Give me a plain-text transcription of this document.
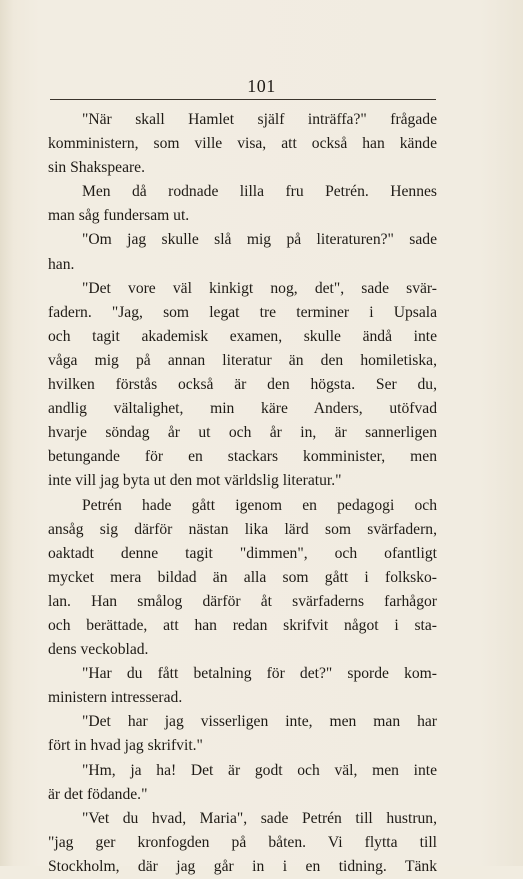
101
"När skall Hamlet själf inträffa?" frågade
komministern, som ville visa, att också han kände
sin Shakspeare.
Men då rodnade lilla fru Petrén. Hennes
man såg fundersam ut.
"Om jag skulle slå mig på literaturen?" sade
han.
"Det vore väl kinkigt nog, det", sade svär-
fadern. "Jag, som legat tre terminer i Upsala
och tagit akademisk examen, skulle ändå inte
våga mig på annan literatur än den homiletiska,
hvilken förstås också är den högsta. Ser du,
andlig vältalighet, min käre Anders, utöfvad
hvarje söndag år ut och år in, är sannerligen
betungande för en stackars komminister, men
inte vill jag byta ut den mot världslig literatur."
Petrén hade gått igenom en pedagogi och
ansåg sig därför nästan lika lärd som svärfadern,
oaktadt denne tagit "dimmen", och ofantligt
mycket mera bildad än alla som gått i folksko-
lan. Han smålog därför åt svärfaderns farhågor
och berättade, att han redan skrifvit något i sta-
dens veckoblad.
"Har du fått betalning för det?" sporde kom-
ministern intresserad.
"Det har jag visserligen inte, men man har
fört in hvad jag skrifvit."
"Hm, ja ha! Det är godt och väl, men inte
är det födande."
"Vet du hvad, Maria", sade Petrén till hustrun,
"jag ger kronfogden på båten. Vi flytta till
Stockholm, där jag går in i en tidning. Tänk
